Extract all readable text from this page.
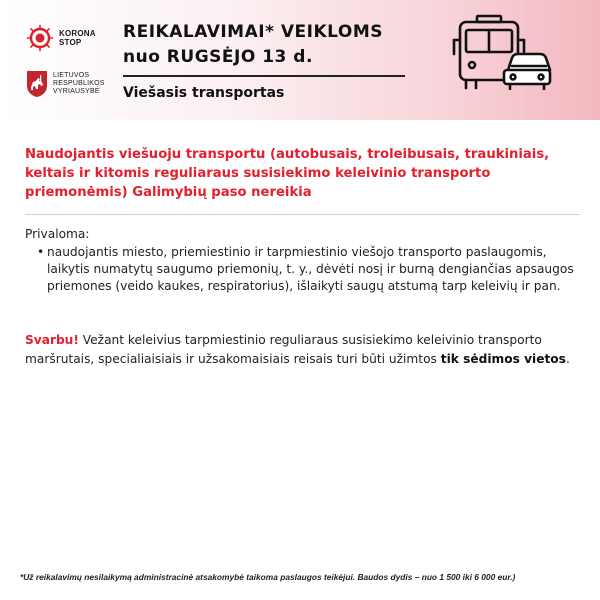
KORONA
STOP
LIETUVOS
RESPUBLIKOS
VYRIAUSYBĖ
REIKALAVIMAI* VEIKLOMS
nuo RUGSĖJO 13 d.
Viešasis transportas
Naudojantis viešuoju transportu (autobusais, troleibusais, traukiniais, keltais ir kitomis reguliaraus susisiekimo keleivinio transporto priemonėmis) Galimybių paso nereikia
Privaloma:
• naudojantis miesto, priemiestinio ir tarpmiestinio viešojo transporto paslaugomis, laikytis numatytų saugumo priemonių, t. y., dėvėti nosį ir burną dengiančias apsaugos priemones (veido kaukes, respiratorius), išlaikyti saugų atstumą tarp keleivių ir pan.
Svarbu! Vežant keleivius tarpmiestinio reguliaraus susisiekimo keleivinio transporto maršrutais, specialiaisiais ir užsakomaisiais reisais turi būti užimtos tik sėdimos vietos.
*Už reikalavimų nesilaikymą administracinė atsakomybė taikoma paslaugos teikėjui. Baudos dydis – nuo 1 500 iki 6 000 eur.)
